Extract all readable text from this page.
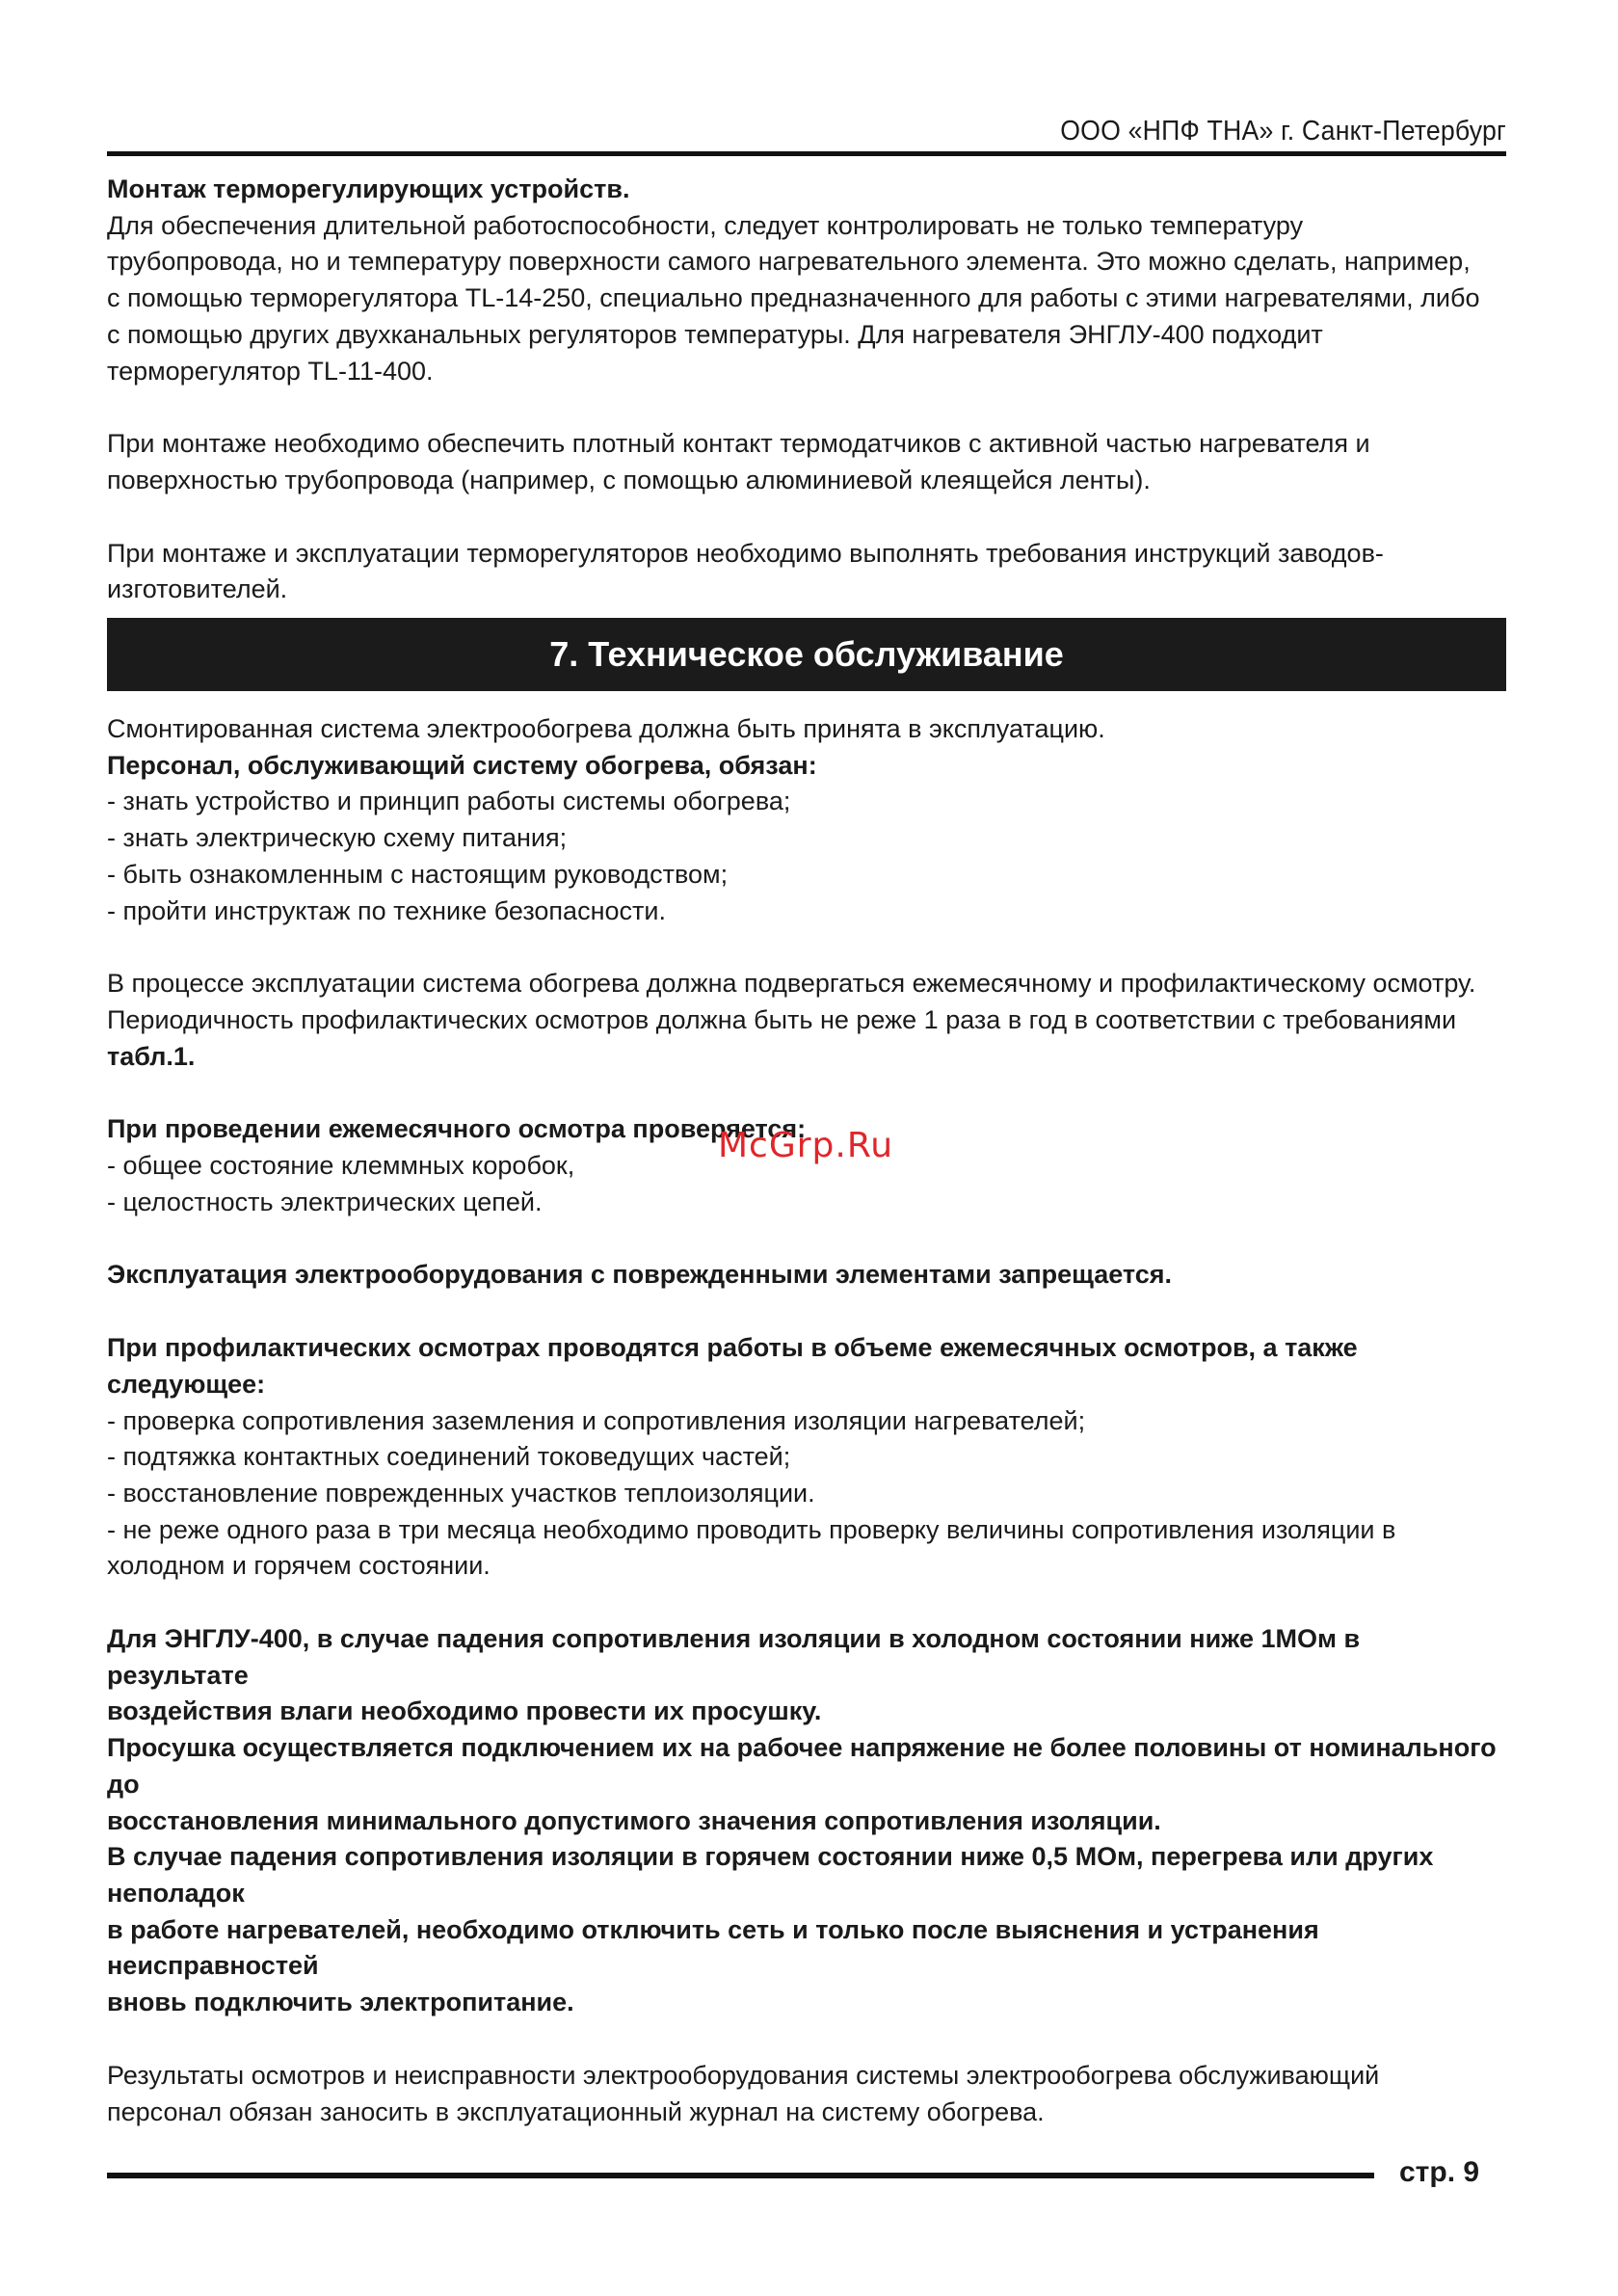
ООО «НПФ ТНА» г. Санкт-Петербург

Монтаж терморегулирующих устройств.

Для обеспечения длительной работоспособности, следует контролировать не только температуру

трубопровода, но и температуру поверхности самого нагревательного элемента. Это можно сделать, например,

с помощью терморегулятора TL-14-250, специально предназначенного для работы с этими нагревателями, либо

с помощью других двухканальных регуляторов температуры. Для нагревателя ЭНГЛУ-400 подходит

терморегулятор TL-11-400.

При монтаже необходимо обеспечить плотный контакт термодатчиков с активной частью нагревателя и

поверхностью трубопровода (например, с помощью алюминиевой клеящейся ленты).

При монтаже и эксплуатации терморегуляторов необходимо выполнять требования инструкций заводов-

изготовителей.

7. Техническое обслуживание

Смонтированная система электрообогрева должна быть принята в эксплуатацию.

Персонал, обслуживающий систему обогрева, обязан:

- знать устройство и принцип работы системы обогрева;

- знать электрическую схему питания;

- быть ознакомленным с настоящим руководством;

- пройти инструктаж по технике безопасности.

В процессе эксплуатации система обогрева должна подвергаться ежемесячному и профилактическому осмотру.

Периодичность профилактических осмотров должна быть не реже 1 раза в год в соответствии с требованиями

табл.1.

При проведении ежемесячного осмотра проверяется:

- общее состояние клеммных коробок,

- целостность электрических цепей.

Эксплуатация электрооборудования с поврежденными элементами запрещается.

При профилактических осмотрах проводятся работы в объеме ежемесячных осмотров, а также следующее:

- проверка сопротивления заземления и сопротивления изоляции нагревателей;

- подтяжка контактных соединений токоведущих частей;

- восстановление поврежденных участков теплоизоляции.

- не реже одного раза в три месяца необходимо проводить проверку величины сопротивления изоляции в

холодном и горячем состоянии.

Для ЭНГЛУ-400, в случае падения сопротивления изоляции в холодном состоянии ниже 1МОм в результате

воздействия влаги необходимо провести их просушку.

Просушка осуществляется подключением их на рабочее напряжение не более половины от номинального до

восстановления минимального допустимого значения сопротивления изоляции.

В случае падения сопротивления изоляции в горячем состоянии ниже 0,5 МОм, перегрева или других неполадок

в работе нагревателей, необходимо отключить сеть и только после выяснения и устранения неисправностей

вновь подключить электропитание.

Результаты осмотров и неисправности электрооборудования системы электрообогрева обслуживающий

персонал обязан заносить в эксплуатационный журнал на систему обогрева.

McGrp.Ru
стр. 9
